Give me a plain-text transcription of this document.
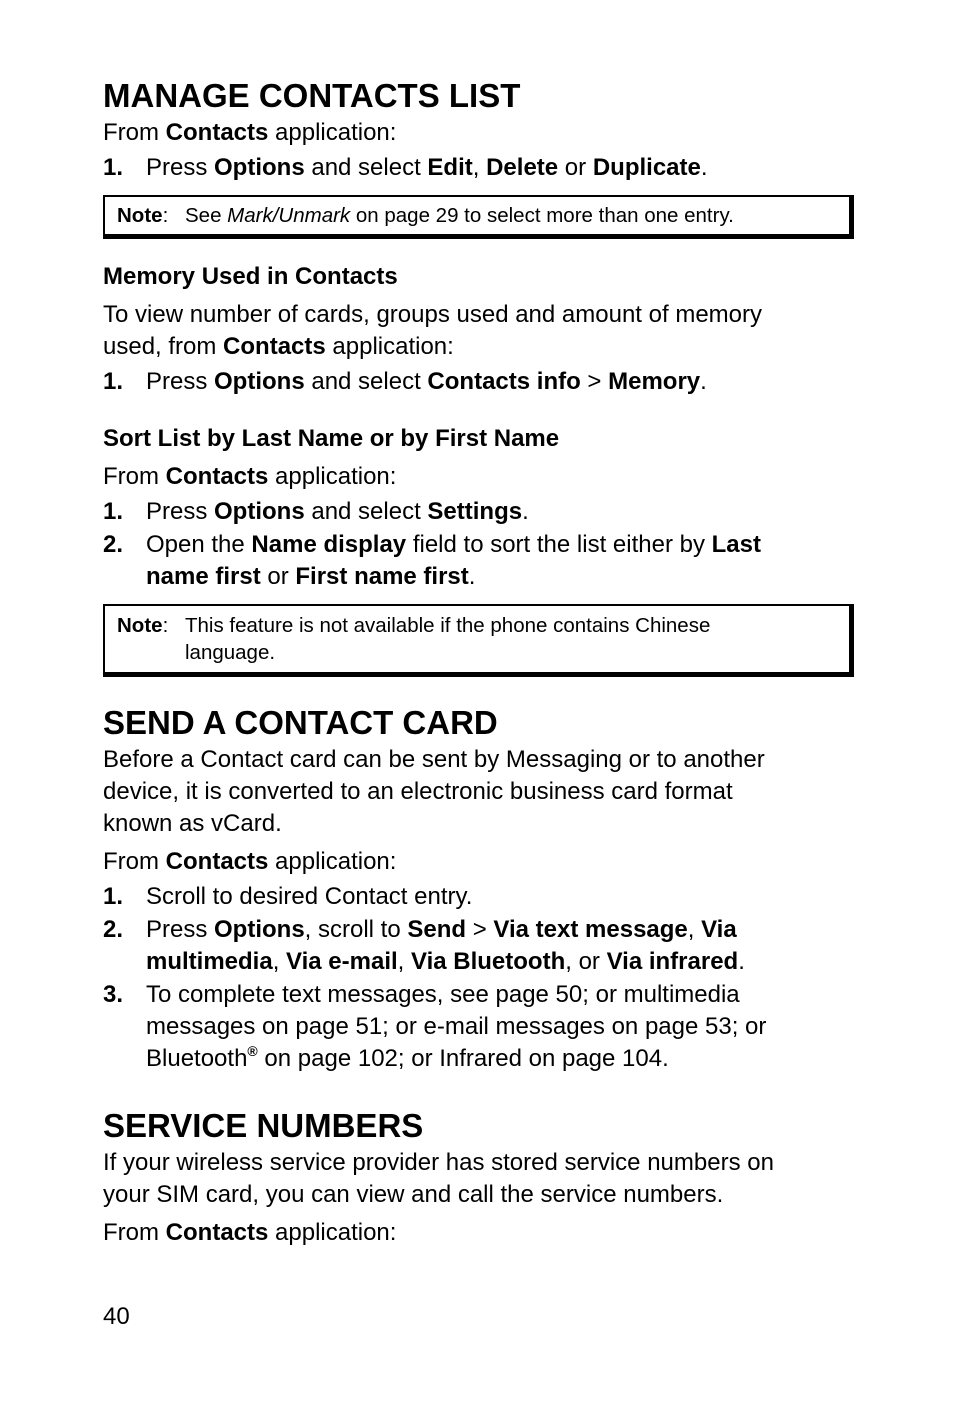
MANAGE CONTACTS LIST
From Contacts application:
1. Press Options and select Edit, Delete or Duplicate.
Note: See Mark/Unmark on page 29 to select more than one entry.
Memory Used in Contacts
To view number of cards, groups used and amount of memory
used, from Contacts application:
1. Press Options and select Contacts info > Memory.
Sort List by Last Name or by First Name
From Contacts application:
1. Press Options and select Settings.
2. Open the Name display field to sort the list either by Last
name first or First name first.
Note: This feature is not available if the phone contains Chinese
language.
SEND A CONTACT CARD
Before a Contact card can be sent by Messaging or to another
device, it is converted to an electronic business card format
known as vCard.
From Contacts application:
1. Scroll to desired Contact entry.
2. Press Options, scroll to Send > Via text message, Via
multimedia, Via e-mail, Via Bluetooth, or Via infrared.
3. To complete text messages, see page 50; or multimedia
messages on page 51; or e-mail messages on page 53; or
Bluetooth® on page 102; or Infrared on page 104.
SERVICE NUMBERS
If your wireless service provider has stored service numbers on
your SIM card, you can view and call the service numbers.
From Contacts application:
40
